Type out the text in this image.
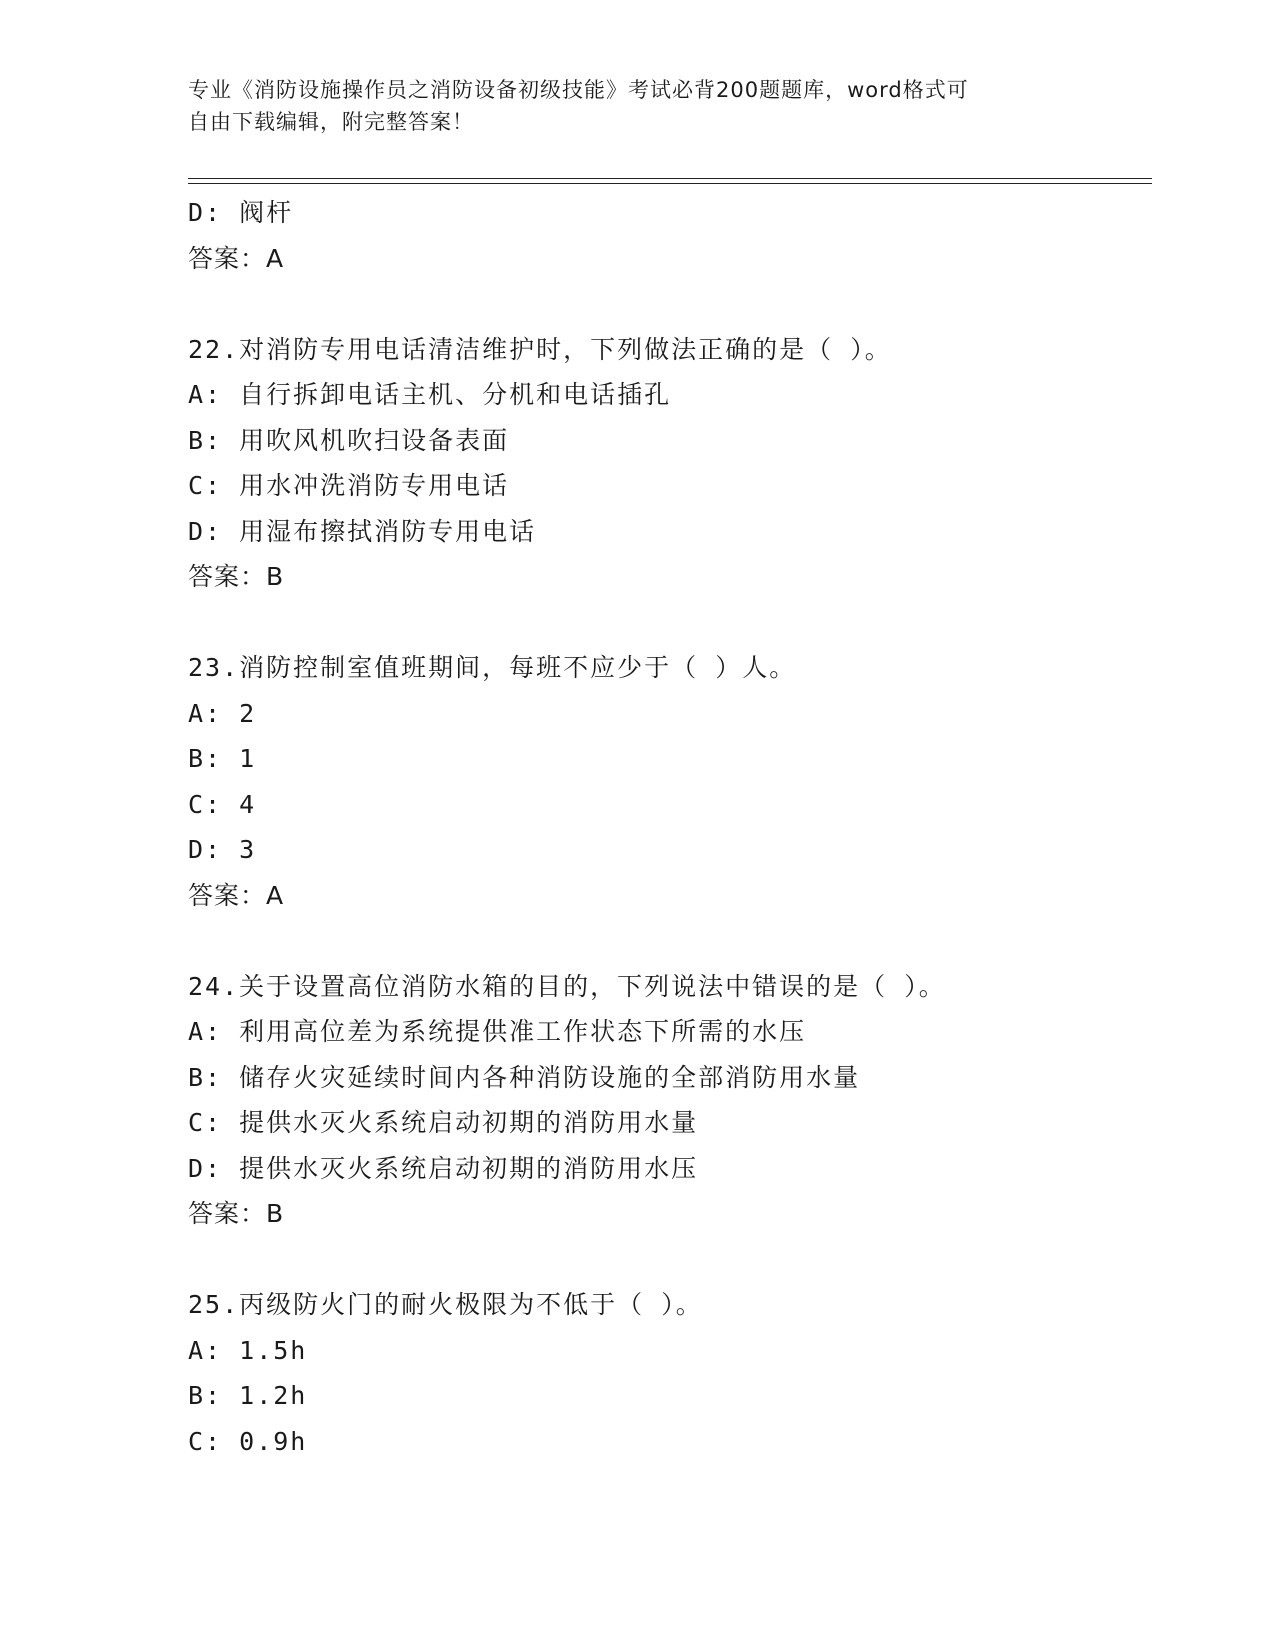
专业《消防设施操作员之消防设备初级技能》考试必背200题题库，word格式可
自由下载编辑，附完整答案！
D: 阀杆
答案：A
22.对消防专用电话清洁维护时，下列做法正确的是（ ）。
A: 自行拆卸电话主机、分机和电话插孔
B: 用吹风机吹扫设备表面
C: 用水冲洗消防专用电话
D: 用湿布擦拭消防专用电话
答案：B
23.消防控制室值班期间，每班不应少于（ ）人。
A: 2
B: 1
C: 4
D: 3
答案：A
24.关于设置高位消防水箱的目的，下列说法中错误的是（ ）。
A: 利用高位差为系统提供准工作状态下所需的水压
B: 储存火灾延续时间内各种消防设施的全部消防用水量
C: 提供水灭火系统启动初期的消防用水量
D: 提供水灭火系统启动初期的消防用水压
答案：B
25.丙级防火门的耐火极限为不低于（ ）。
A: 1.5h
B: 1.2h
C: 0.9h
